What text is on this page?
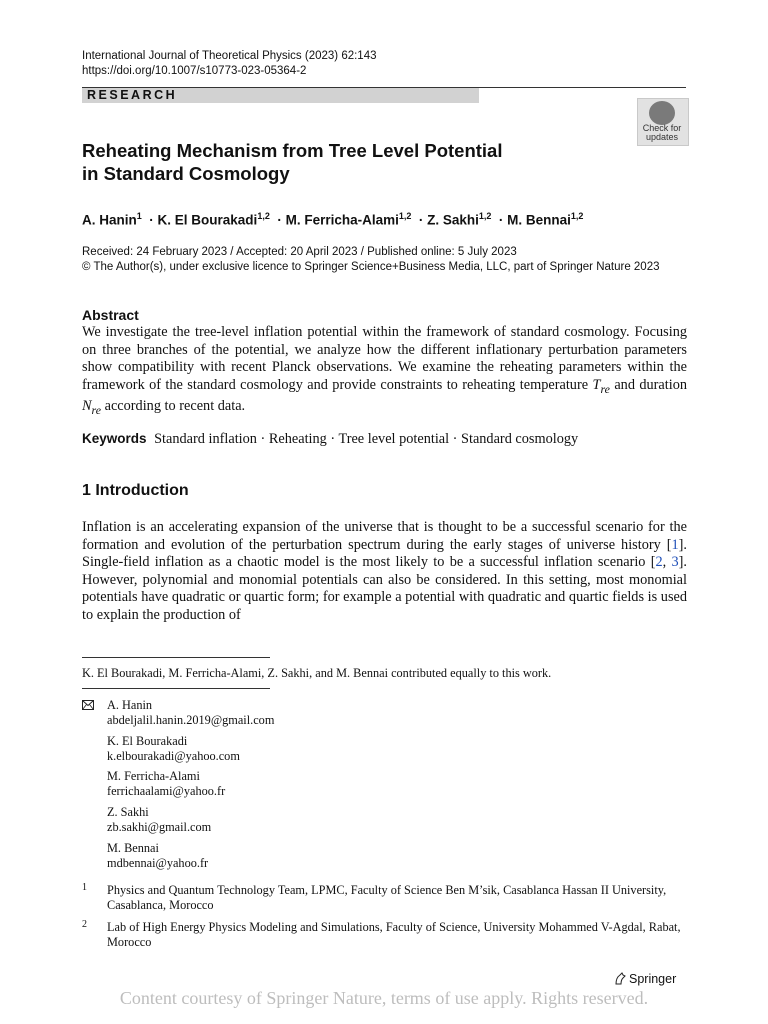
International Journal of Theoretical Physics (2023) 62:143
https://doi.org/10.1007/s10773-023-05364-2
RESEARCH
Check for
updates
Reheating Mechanism from Tree Level Potential
in Standard Cosmology
A. Hanin$^1$  · K. El Bourakadi$^{1,2}$  · M. Ferricha-Alami$^{1,2}$  · Z. Sakhi$^{1,2}$  · M. Bennai$^{1,2}$
Received: 24 February 2023 / Accepted: 20 April 2023 / Published online: 5 July 2023
© The Author(s), under exclusive licence to Springer Science+Business Media, LLC, part of Springer Nature 2023
Abstract
We investigate the tree-level inflation potential within the framework of standard cosmology. Focusing on three branches of the potential, we analyze how the different inflationary perturbation parameters show compatibility with recent Planck observations. We examine the reheating parameters within the framework of the standard cosmology and provide constraints to reheating temperature $T_{re}$ and duration $N_{re}$ according to recent data.
Keywords Standard inflation · Reheating · Tree level potential · Standard cosmology
1 Introduction
Inflation is an accelerating expansion of the universe that is thought to be a successful scenario for the formation and evolution of the perturbation spectrum during the early stages of universe history [1]. Single-field inflation as a chaotic model is the most likely to be a successful inflation scenario [2, 3]. However, polynomial and monomial potentials can also be considered. In this setting, most monomial potentials have quadratic or quartic form; for example a potential with quadratic and quartic fields is used to explain the production of
K. El Bourakadi, M. Ferricha-Alami, Z. Sakhi, and M. Bennai contributed equally to this work.
A. Hanin
abdeljalil.hanin.2019@gmail.com
K. El Bourakadi
k.elbourakadi@yahoo.com
M. Ferricha-Alami
ferrichaalami@yahoo.fr
Z. Sakhi
zb.sakhi@gmail.com
M. Bennai
mdbennai@yahoo.fr
1 Physics and Quantum Technology Team, LPMC, Faculty of Science Ben M’sik, Casablanca Hassan II University, Casablanca, Morocco
2 Lab of High Energy Physics Modeling and Simulations, Faculty of Science, University Mohammed V-Agdal, Rabat, Morocco
Springer
Content courtesy of Springer Nature, terms of use apply. Rights reserved.
